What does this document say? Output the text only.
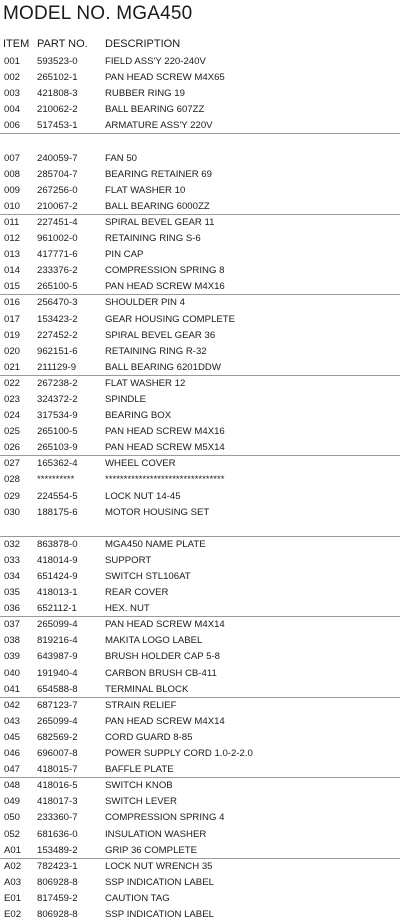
MODEL NO. MGA450
ITEM PART NO. DESCRIPTION
001 593523-0	FIELD ASS'Y 220-240V
002 265102-1	PAN HEAD SCREW M4X65
003 421808-3	RUBBER RING 19
004 210062-2	BALL BEARING 607ZZ
006 517453-1	ARMATURE ASS'Y 220V
007 240059-7	FAN 50
008 285704-7	BEARING RETAINER 69
009 267256-0	FLAT WASHER 10
010 210067-2	BALL BEARING 6000ZZ
011 227451-4	SPIRAL BEVEL GEAR 11
012 961002-0	RETAINING RING S-6
013 417771-6	PIN CAP
014 233376-2	COMPRESSION SPRING 8
015 265100-5	PAN HEAD SCREW M4X16
016 256470-3	SHOULDER PIN 4
017 153423-2	GEAR HOUSING COMPLETE
019 227452-2	SPIRAL BEVEL GEAR 36
020 962151-6	RETAINING RING R-32
021 211129-9	BALL BEARING 6201DDW
022 267238-2	FLAT WASHER 12
023 324372-2	SPINDLE
024 317534-9	BEARING BOX
025 265100-5	PAN HEAD SCREW M4X16
026 265103-9	PAN HEAD SCREW M5X14
027 165362-4	WHEEL COVER
028 **********	********************************
029 224554-5	LOCK NUT 14-45
030 188175-6	MOTOR HOUSING SET
032 863878-0	MGA450 NAME PLATE
033 418014-9	SUPPORT
034 651424-9	SWITCH STL106AT
035 418013-1	REAR COVER
036 652112-1	HEX. NUT
037 265099-4	PAN HEAD SCREW M4X14
038 819216-4	MAKITA LOGO LABEL
039 643987-9	BRUSH HOLDER CAP 5-8
040 191940-4	CARBON BRUSH CB-411
041 654588-8	TERMINAL BLOCK
042 687123-7	STRAIN RELIEF
043 265099-4	PAN HEAD SCREW M4X14
045 682569-2	CORD GUARD 8-85
046 696007-8	POWER SUPPLY CORD 1.0-2-2.0
047 418015-7	BAFFLE PLATE
048 418016-5	SWITCH KNOB
049 418017-3	SWITCH LEVER
050 233360-7	COMPRESSION SPRING 4
052 681636-0	INSULATION WASHER
A01 153489-2	GRIP 36 COMPLETE
A02 782423-1	LOCK NUT WRENCH 35
A03 806928-8	SSP INDICATION LABEL
E01 817459-2	CAUTION TAG
E02 806928-8	SSP INDICATION LABEL
